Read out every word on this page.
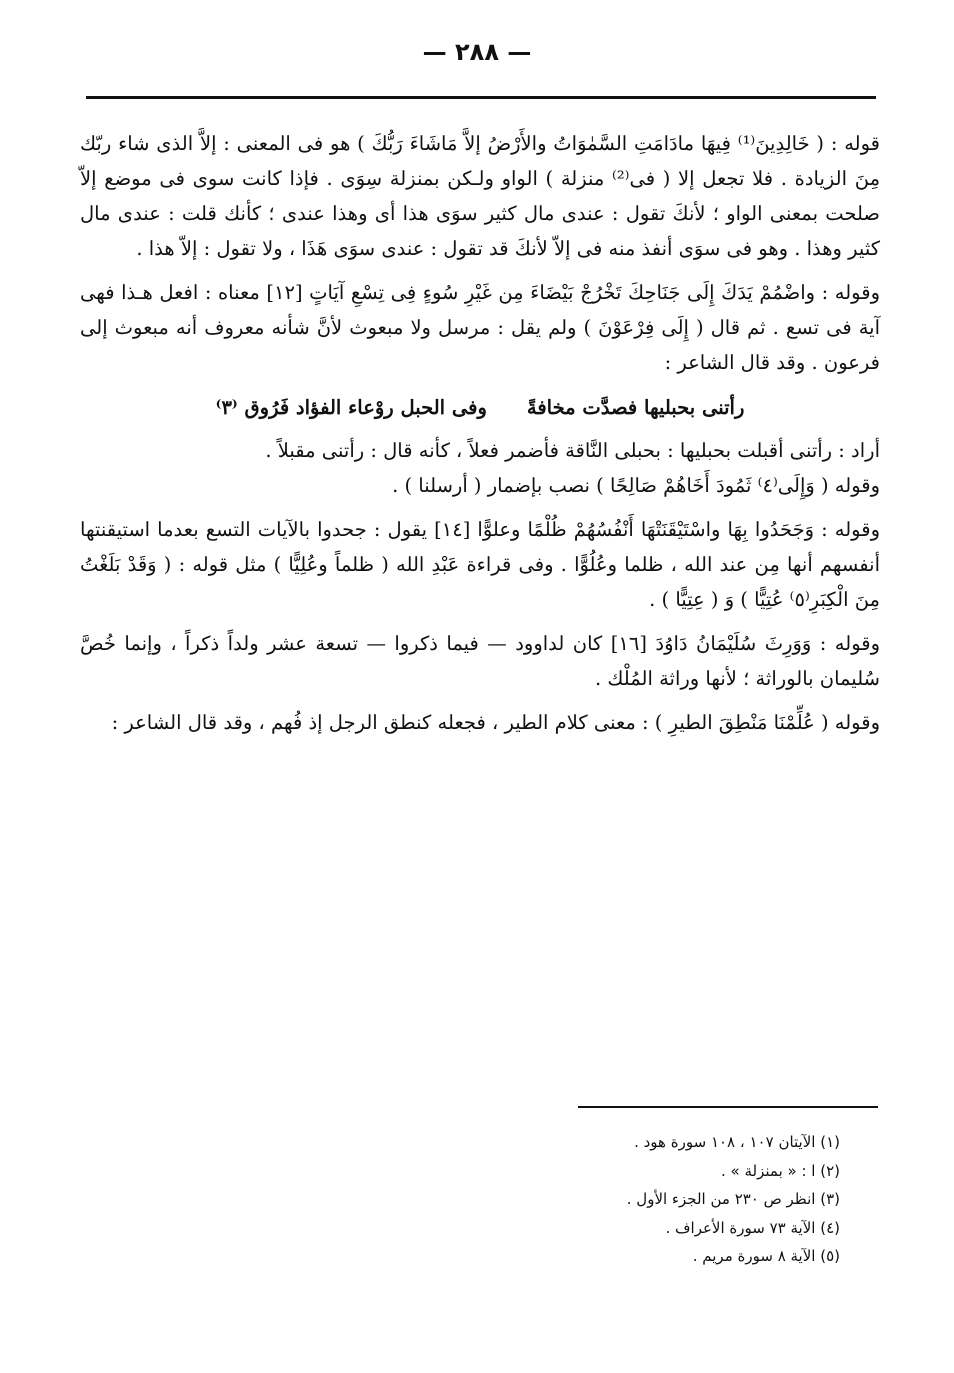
— ٢٨٨ —

قوله : ( خَالِدِينَ⁽¹⁾ فِيهَا مادَامَتِ السَّمٰوَاتُ والأَرْضُ إلاَّ مَاشَاءَ رَبُّكَ ) هو فى المعنى : إلاَّ الذى شاء ربّك مِنَ الزيادة . فلا تجعل إلا ( فى⁽²⁾ منزلة ) الواو ولـكن بمنزلة سِوَى . فإذا كانت سوى فى موضع إلاّ صلحت بمعنى الواو ؛ لأنكَ تقول : عندى مال كثير سوَى هذا أى وهذا عندى ؛ كأنك قلت : عندى مال كثير وهذا . وهو فى سوَى أنفذ منه فى إلاّ لأنكَ قد تقول : عندى سوَى هَذَا ، ولا تقول : إلاّ هذا .

وقوله : واضْمُمْ يَدَكَ إِلَى جَنَاحِكَ تَخْرُجْ بَيْضَاءَ مِن غَيْرِ سُوءٍ فِى تِسْعِ آيَاتٍ [١٢] معناه : افعل هـذا فهى آية فى تسع . ثم قال ( إِلَى فِرْعَوْنَ ) ولم يقل : مرسل ولا مبعوث لأنَّ شأنه معروف أنه مبعوث إلى فرعون . وقد قال الشاعر :

رأتنى بحبليها فصدَّت مخافةً
وفى الحبل روْعاء الفؤاد فَرُوق ⁽٣⁾

أراد : رأتنى أقبلت بحبليها : بحبلى النَّاقة فأضمر فعلاً ، كأنه قال : رأتنى مقبلاً .

وقوله ( وَإِلَى⁽٤⁾ ثَمُودَ أَخَاهُمْ صَالِحًا ) نصب بإضمار ( أرسلنا ) .

وقوله : وَجَحَدُوا بِهَا واسْتَيْقَنَتْهَا أَنْفُسُهُمْ ظُلْمًا وعلوًّا [١٤] يقول : جحدوا بالآيات التسع بعدما استيقنتها أنفسهم أنها مِن عند الله ، ظلما وعُلُوًّا . وفى قراءة عَبْدِ الله ( ظلماً وعُلِيًّا ) مثل قوله : ( وَقَدْ بَلَغْتُ مِنَ الْكِبَرِ⁽٥⁾ عُتِيًّا ) وَ ( عِتِيًّا ) .

وقوله : وَوَرِثَ سُلَيْمَانُ دَاوُدَ [١٦] كان لداوود — فيما ذكروا — تسعة عشر ولداً ذكراً ، وإنما خُصَّ سُليمان بالوراثة ؛ لأنها وراثة المُلْك .

وقوله ( عُلِّمْنَا مَنْطِقَ الطيرِ ) : معنى كلام الطير ، فجعله كنطق الرجل إذ فُهم ، وقد قال الشاعر :

(١) الآيتان ١٠٧ ، ١٠٨ سورة هود .

(٢) ا : « بمنزلة » .

(٣) انظر ص ٢٣٠ من الجزء الأول .

(٤) الآية ٧٣ سورة الأعراف .

(٥) الآية ٨ سورة مريم .
